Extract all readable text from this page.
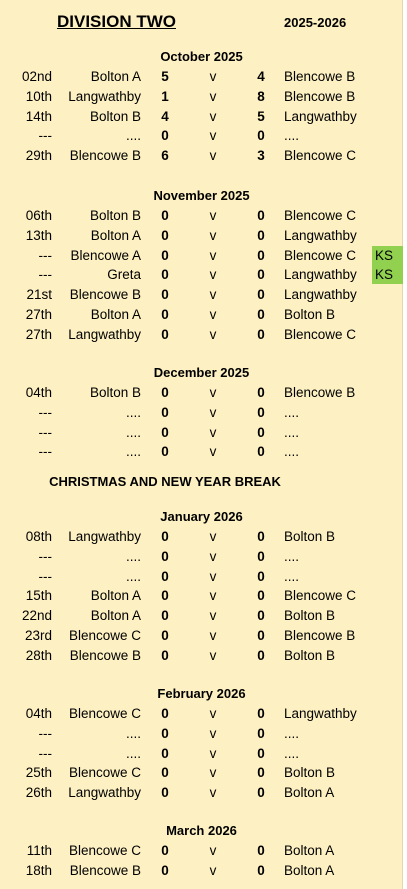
DIVISION TWO	2025-2026
October 2025
02nd	Bolton A	5	v	4	Blencowe B
10th	Langwathby	1	v	8	Blencowe B
14th	Bolton B	4	v	5	Langwathby
---	....	0	v	0	....
29th	Blencowe B	6	v	3	Blencowe C
November 2025
06th	Bolton B	0	v	0	Blencowe C
13th	Bolton A	0	v	0	Langwathby
---	Blencowe A	0	v	0	Blencowe C	KS
---	Greta	0	v	0	Langwathby	KS
21st	Blencowe B	0	v	0	Langwathby
27th	Bolton A	0	v	0	Bolton B
27th	Langwathby	0	v	0	Blencowe C
December 2025
04th	Bolton B	0	v	0	Blencowe B
---	....	0	v	0	....
---	....	0	v	0	....
---	....	0	v	0	....
January 2026
08th	Langwathby	0	v	0	Bolton B
---	....	0	v	0	....
---	....	0	v	0	....
15th	Bolton A	0	v	0	Blencowe C
22nd	Bolton A	0	v	0	Bolton B
23rd	Blencowe C	0	v	0	Blencowe B
28th	Blencowe B	0	v	0	Bolton B
February 2026
04th	Blencowe C	0	v	0	Langwathby
---	....	0	v	0	....
---	....	0	v	0	....
25th	Blencowe C	0	v	0	Bolton B
26th	Langwathby	0	v	0	Bolton A
March 2026
11th	Blencowe C	0	v	0	Bolton A
18th	Blencowe B	0	v	0	Bolton A
CHRISTMAS AND NEW YEAR BREAK
